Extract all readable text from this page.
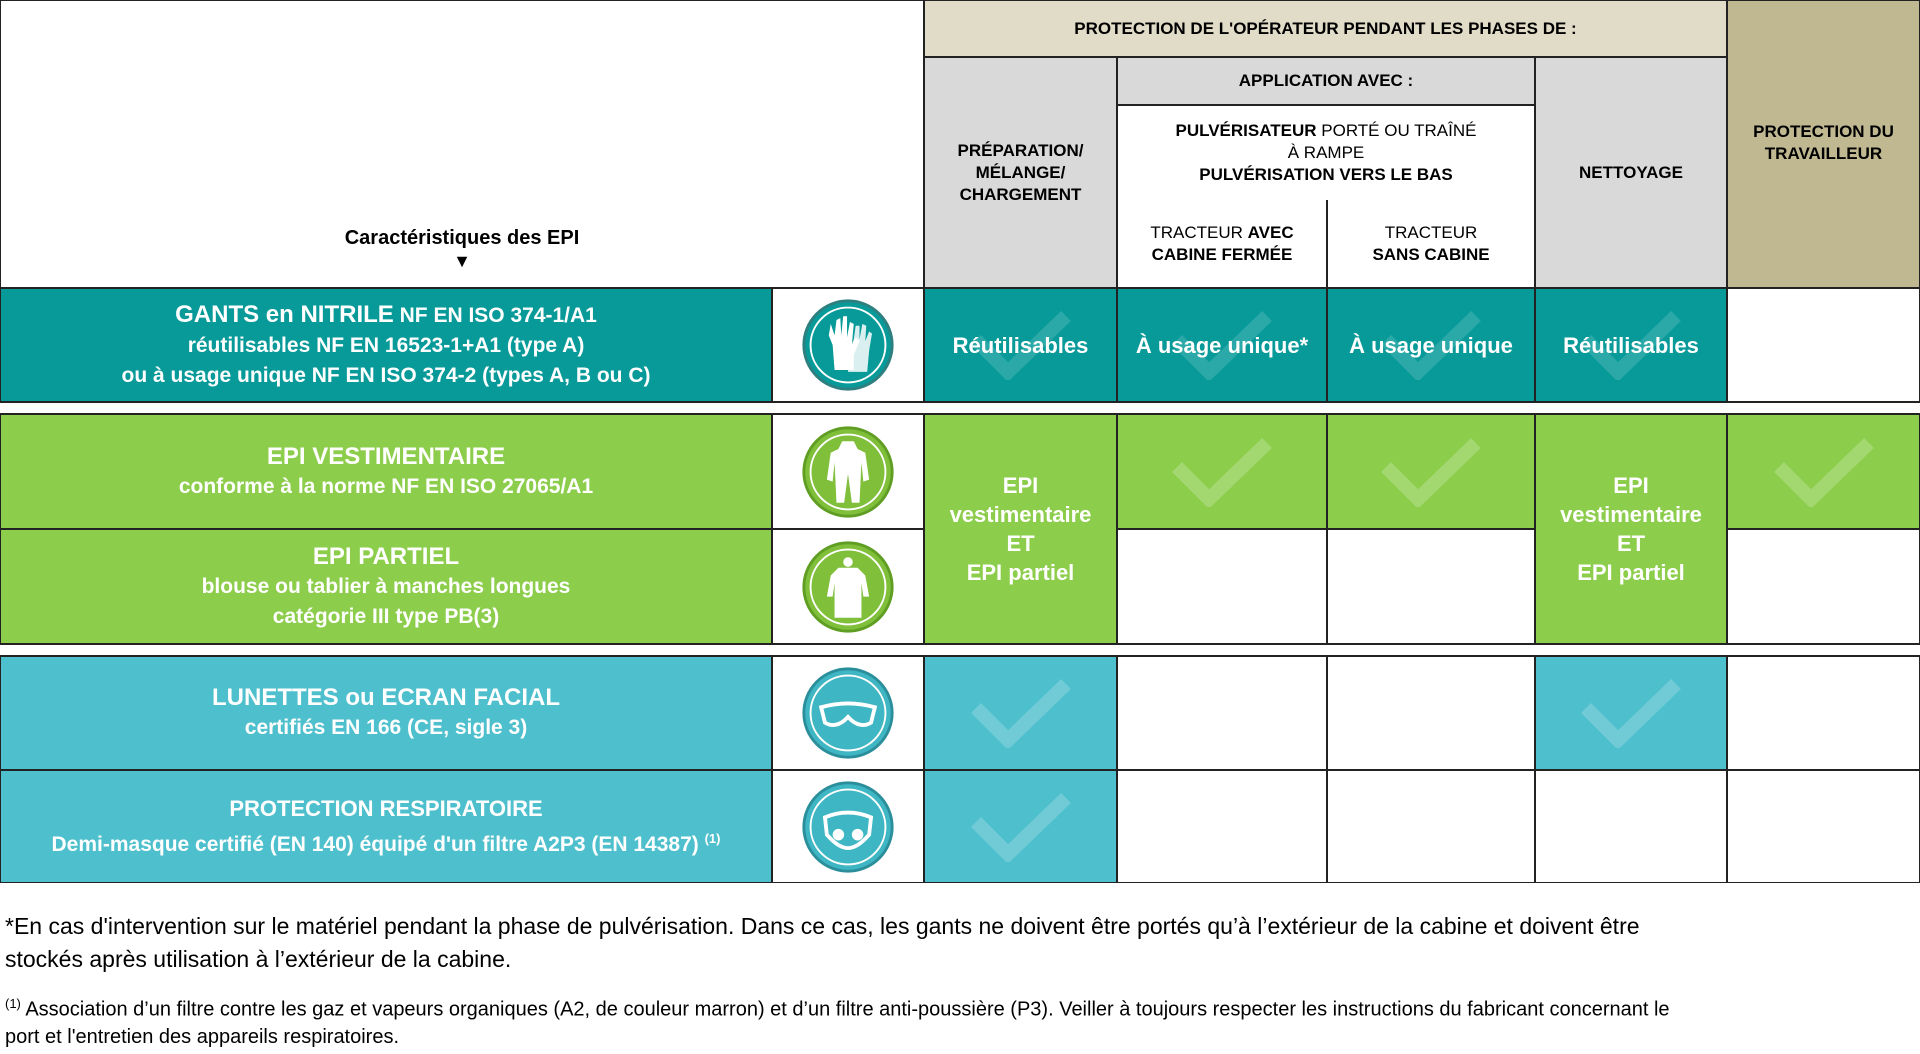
Caractéristiques des EPI
▼
PROTECTION DE L'OPÉRATEUR PENDANT LES PHASES DE :
PROTECTION DU TRAVAILLEUR
PRÉPARATION/ MÉLANGE/ CHARGEMENT
APPLICATION AVEC :
PULVÉRISATEUR PORTÉ OU TRAÎNÉ
À RAMPE
PULVÉRISATION VERS LE BAS
TRACTEUR AVEC
CABINE FERMÉE
TRACTEUR
SANS CABINE
NETTOYAGE
GANTS en NITRILE NF EN ISO 374-1/A1
réutilisables NF EN 16523-1+A1 (type A)
ou à usage unique NF EN ISO 374-2 (types A, B ou C)
Réutilisables À usage unique* À usage unique Réutilisables
EPI VESTIMENTAIRE
conforme à la norme NF EN ISO 27065/A1	EPI
vestimentaire
ET
EPI partiel
EPI
vestimentaire
ET
EPI partiel
EPI PARTIEL
blouse ou tablier à manches longues
catégorie III type PB(3)
LUNETTES ou ECRAN FACIAL
certifiés EN 166 (CE, sigle 3)
PROTECTION RESPIRATOIRE
Demi-masque certifié (EN 140) équipé d'un filtre A2P3 (EN 14387) $^{(1)}$
*En cas d'intervention sur le matériel pendant la phase de pulvérisation. Dans ce cas, les gants ne doivent être portés qu’à l’extérieur de la cabine et doivent être
stockés après utilisation à l’extérieur de la cabine.
$^{(1)}$ Association d’un filtre contre les gaz et vapeurs organiques (A2, de couleur marron) et d’un filtre anti-poussière (P3). Veiller à toujours respecter les instructions du fabricant concernant le
port et l'entretien des appareils respiratoires.
